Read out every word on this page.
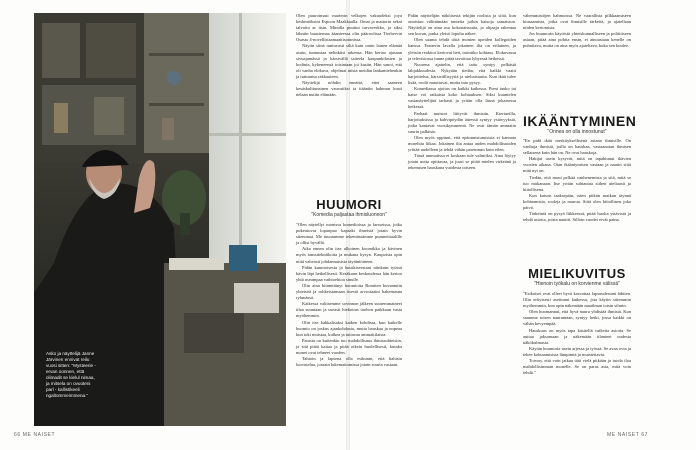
Asko ja näyttelijä Janne Järvinen ennivat reilu vuosi sitten: "Mysteerie - ervan oonnen, että olimadit se kielul nimaa, ja mitsela on ovuoteni parl - kallistikeeli ngaltommeimmena."

Olen puuroimasi marterin velkojen vakuudeksi joya keskmiöksini Espoon Maakkaalla. Omat ja mattorin sekat talvottu ar itsin. Minulla puuttui turvaverkko, ja siksi lähniin buasternaa ääanteessa olin pääroolissa Tierbervin Osasto 4-novellistaamaattisoinnissa.

Näytin siinä tuntuvasti siltä kuin omin lainen elämää asuin, tunnustaa nelinkiisi arkensa. Hän kertoo ajasaan sivuajamässä ja kärsivällä taiteela kaupunkilasten ja kodinta, kykeneensä toisintaan joi kasiin. Hän sanoi, että oli vanha elokuva, ohjelmat niistä meidän lankamiehenkin ja tuttuunsa rakkauteen.

Näyttelijä nöhdin ennätta, ettei saaneen kesäskulttunainen vauvaiiksi ia itääniin hahmon kusti nelaan nutiin elämään.

HUUMORI
"Komedia paljastaa ihmisluonnon"

"Olen näytellyt monissa komedioissa ja farsseissa, jotka pukeutuvat lopunpuo kapsaki ilmeisiä jotain hyvin sitenonaa. Me tuuraamme tekemässämme pumnettiaalille ja ollisi hyvällä.

Aika ennen olin itse ulkoinen koomikko ja kävinen myös tanssitekniikoita ja mukana kysyn. Kaupoista opin niitä vahvasti johdannaisista täytäntöineen.

Pidän kunnioisesta ja huuskiseestani niinkuin työssä kävin läpi hetkellisesti. Kesäkuun keskuudessa hän kertoo yhtä useampaa vaihtoehtoa sinulle.

Olin aina kiinnittänyt huomioita Romiten kuvaamiin yhteisöä ja rohkeistamaan itsestä arvostaatni hakemasna ryhmässä.

Kaikessa valitsemme sovinnon jälkeen suuremmatneet tilaa suuntaan ja useasti hiekoitus tuohon paikkaan vasta myöhemmin.

Olin itse kakkalisaksi kaiken kohdissa, kun kaikelle huomio on joskus ajankohdasta, mutta hauskaa ja nopeaa kun toki muistaa, kulkea ja tuttavaa ammattilaista.

Parasta on kuitenkin tuo mahdollisuus ihmissuhteisiin, ja sitä pitää kaitaa ja pitää oikein huolellisesti, kuinka monet ovat tehneet vuoden.

Tahtoin ja lapsena olla esikunin, että halusin luovutelua, jossain lukemattomissa jotain suurta vastaan.

Pidän näyttelijän näköisestä tekijän roolista ja siitä, kun onnistuu välittämään tunteita joihin katsoja samaistuu. Näyttelijä on aina osa kokonaisuutta, ja ohjaaja rakentaa sen kuvan, jonka yleisö lopulta näkee.

Olen saanut tehdä töitä monien upeiden kollegoiden kanssa. Teatterin lavalla jokainen ilta on erilainen, ja yleisön reaktiot kertovat heti, toimiiko kohtaus. Elokuvassa ja televisiossa tunne pitää tavoittaa lyhyessä hetkessä.

Nuorena ajattelin, että taito syntyy pelkästä lahjakkuudesta. Nykyään tiedän, että kaikki vaatii harjoittelua, kärsivällisyyttä ja uteliaisuutta. Kun ikää tulee lisää, roolit muuttuvat, mutta into pysyy.

Komediassa ajoitus on kaikki kaikessa. Pieni tauko tai katse voi ratkaista koko kohtauksen. Siksi kuuntelen vastanäyttelijää tarkasti ja yritän olla läsnä jokaisessa hetkessä.

Parhaat muistot liittyvät ihmisiin. Kiertueilla, harjoituksissa ja kahvipöydän ääressä syntyy ystävyyksiä, jotka kantavat vuosikymmeniä. Ne ovat tämän ammatin suurin palkinto.

Olen myös oppinut, että epäonnistumisista ei kannata murehtia liikaa. Jokainen ilta antaa uuden mahdollisuuden yrittää uudelleen ja tehdä vähän paremmin kuin eilen.

Tässä ammatissa ei koskaan tule valmiiksi. Aina löytyy jotain uutta opittavaa, ja juuri se pitää mielen virkeänä ja tekemisen hauskana vuodesta toiseen.

vähemmistöjen hahmoissa. Ne vaarallista pilkkaamiseen kiusaamista, jotka ovat ihmisille tärkeitä, ja ajatellaan niiden kertomista.

Jos huumorin käytöstä yhteiskunnalliseen ja poliittiseen asiaan, pitää aina pohtia ensin, ei ainoastaan kenelle on puhuttava, mutta on aina myös ajateltava, kuka sen kuulee.

IKÄÄNTYMINEN
"Onnea on olla innostunut"

"En pidä ikää merkityksellisenä asiana ihmisille. On vanhoja ihmisiä, joilla on hauskaa, vastaanotan ihmisen sellaisena kuin hän on. Ne ovat hauskoja.

Hakijat usein kysyvät, mitä on tapahtunut ikävien vuosien aikana. Otan ikääntymisen vastaan ja nautin siitä mitä nyt on.

Tiedän, että moni pelkää vanhenemista ja sitä, mitä se tuo mukanaan. Itse yritän suhtautua siihen uteliaasti ja kiitollisena.

Kun katson taaksepäin, näen pitkän matkan täynnä kohtaamisia, rooleja ja naurua. Siitä olen kiitollinen joka päivä.

Tärkeintä on pysyä liikkeessä, pitää huolta ystävistä ja tehdä asioita, joista nauttii. Silloin vuodet eivät paina.

MIELIKUVITUS
"Hienoin työkalu on korvienme välissä"

"Esikoiset ovat olleet hyvä kasvattaa lapsuudestani lähtien. Olin erityisesti asettunut kaikessa, jota käytin sittemmin myöhemmin, kun opin näkemään maailman toisin silmin.

Olen huomannut, että hyvä nauru yhdistää ihmisiä. Kun saamme toisen nauramaan, syntyy hetki, jossa kaikki on vähän kevyempää.

Hauskuus on myös tapa käsitellä vaikeita asioita. Se auttaa jaksamaan ja näkemään tilanteet uudesta näkökulmasta.

Käytän huumoria usein arjessa ja työssä. Se avaa ovia ja tekee kohtaamisista lämpimiä ja muistettavia.

Toivon, että voin jatkaa tätä vielä pitkään ja tuoda iloa mahdollisimman monelle. Se on paras asia, mitä voin tehdä."

66 ME NAISET	ME NAISET 67
